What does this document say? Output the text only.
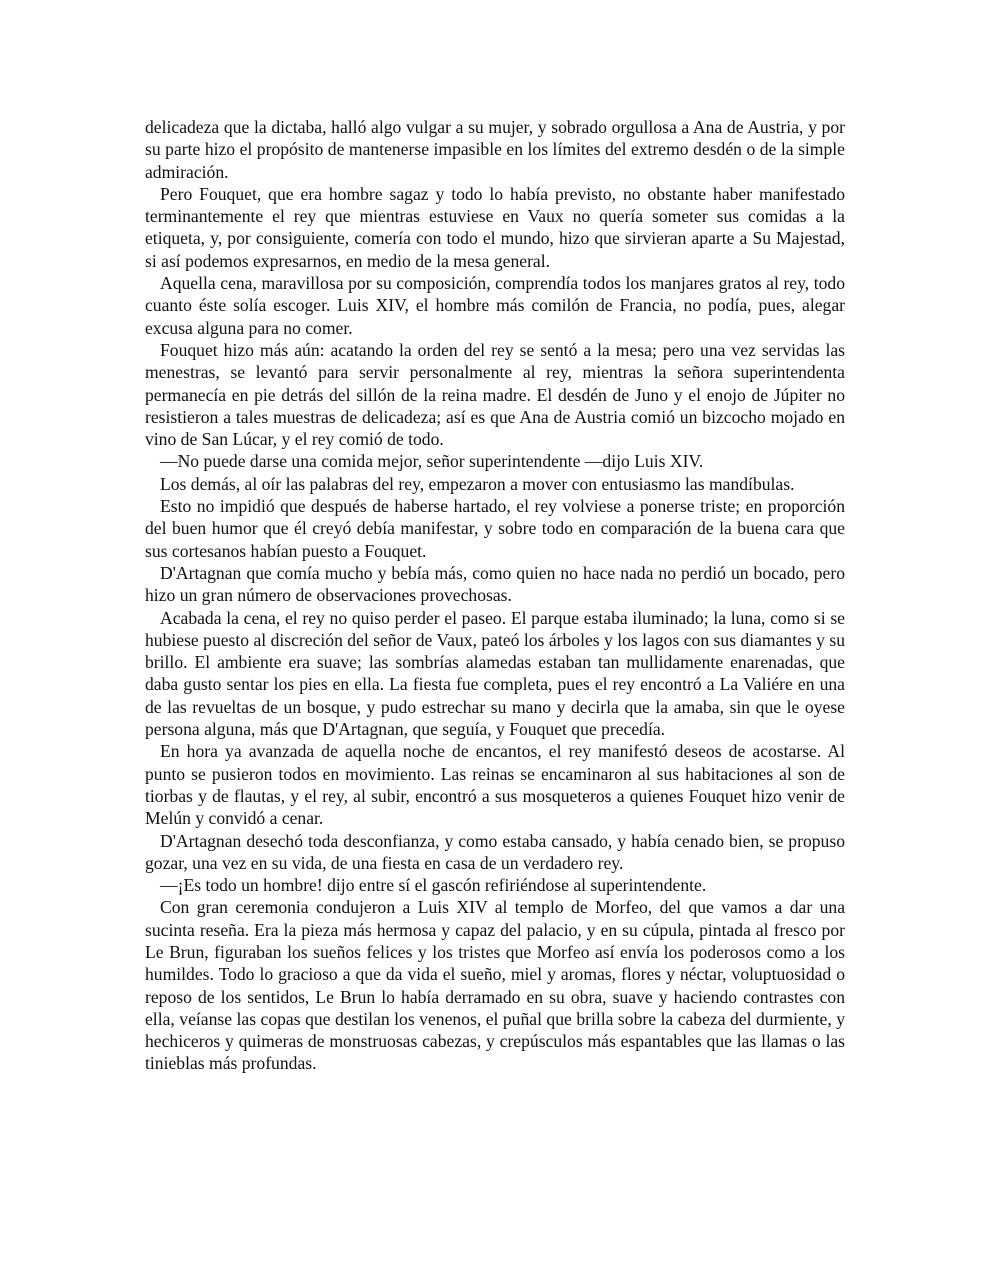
delicadeza que la dictaba, halló algo vulgar a su mujer, y sobrado orgullosa a Ana de Austria, y por su parte hizo el propósito de mantenerse impasible en los límites del extremo desdén o de la simple admiración.

Pero Fouquet, que era hombre sagaz y todo lo había previsto, no obstante haber manifestado terminantemente el rey que mientras estuviese en Vaux no quería someter sus comidas a la etiqueta, y, por consiguiente, comería con todo el mundo, hizo que sirvieran aparte a Su Majestad, si así podemos expresarnos, en medio de la mesa general.

Aquella cena, maravillosa por su composición, comprendía todos los manjares gratos al rey, todo cuanto éste solía escoger. Luis XIV, el hombre más comilón de Francia, no podía, pues, alegar excusa alguna para no comer.

Fouquet hizo más aún: acatando la orden del rey se sentó a la mesa; pero una vez servidas las menestras, se levantó para servir personalmente al rey, mientras la señora superintendenta permanecía en pie detrás del sillón de la reina madre. El desdén de Juno y el enojo de Júpiter no resistieron a tales muestras de delicadeza; así es que Ana de Austria comió un bizcocho mojado en vino de San Lúcar, y el rey comió de todo.

—No puede darse una comida mejor, señor superintendente —dijo Luis XIV.

Los demás, al oír las palabras del rey, empezaron a mover con entusiasmo las mandíbulas.

Esto no impidió que después de haberse hartado, el rey volviese a ponerse triste; en proporción del buen humor que él creyó debía manifestar, y sobre todo en comparación de la buena cara que sus cortesanos habían puesto a Fouquet.

D'Artagnan que comía mucho y bebía más, como quien no hace nada no perdió un bocado, pero hizo un gran número de observaciones provechosas.

Acabada la cena, el rey no quiso perder el paseo. El parque estaba iluminado; la luna, como si se hubiese puesto al discreción del señor de Vaux, pateó los árboles y los lagos con sus diamantes y su brillo. El ambiente era suave; las sombrías alamedas estaban tan mullidamente enarenadas, que daba gusto sentar los pies en ella. La fiesta fue completa, pues el rey encontró a La Valiére en una de las revueltas de un bosque, y pudo estrechar su mano y decirla que la amaba, sin que le oyese persona alguna, más que D'Artagnan, que seguía, y Fouquet que precedía.

En hora ya avanzada de aquella noche de encantos, el rey manifestó deseos de acostarse. Al punto se pusieron todos en movimiento. Las reinas se encaminaron al sus habitaciones al son de tiorbas y de flautas, y el rey, al subir, encontró a sus mosqueteros a quienes Fouquet hizo venir de Melún y convidó a cenar.

D'Artagnan desechó toda desconfianza, y como estaba cansado, y había cenado bien, se propuso gozar, una vez en su vida, de una fiesta en casa de un verdadero rey.

—¡Es todo un hombre! dijo entre sí el gascón refiriéndose al superintendente.

Con gran ceremonia condujeron a Luis XIV al templo de Morfeo, del que vamos a dar una sucinta reseña. Era la pieza más hermosa y capaz del palacio, y en su cúpula, pintada al fresco por Le Brun, figuraban los sueños felices y los tristes que Morfeo así envía los poderosos como a los humildes. Todo lo gracioso a que da vida el sueño, miel y aromas, flores y néctar, voluptuosidad o reposo de los sentidos, Le Brun lo había derramado en su obra, suave y haciendo contrastes con ella, veíanse las copas que destilan los venenos, el puñal que brilla sobre la cabeza del durmiente, y hechiceros y quimeras de monstruosas cabezas, y crepúsculos más espantables que las llamas o las tinieblas más profundas.
